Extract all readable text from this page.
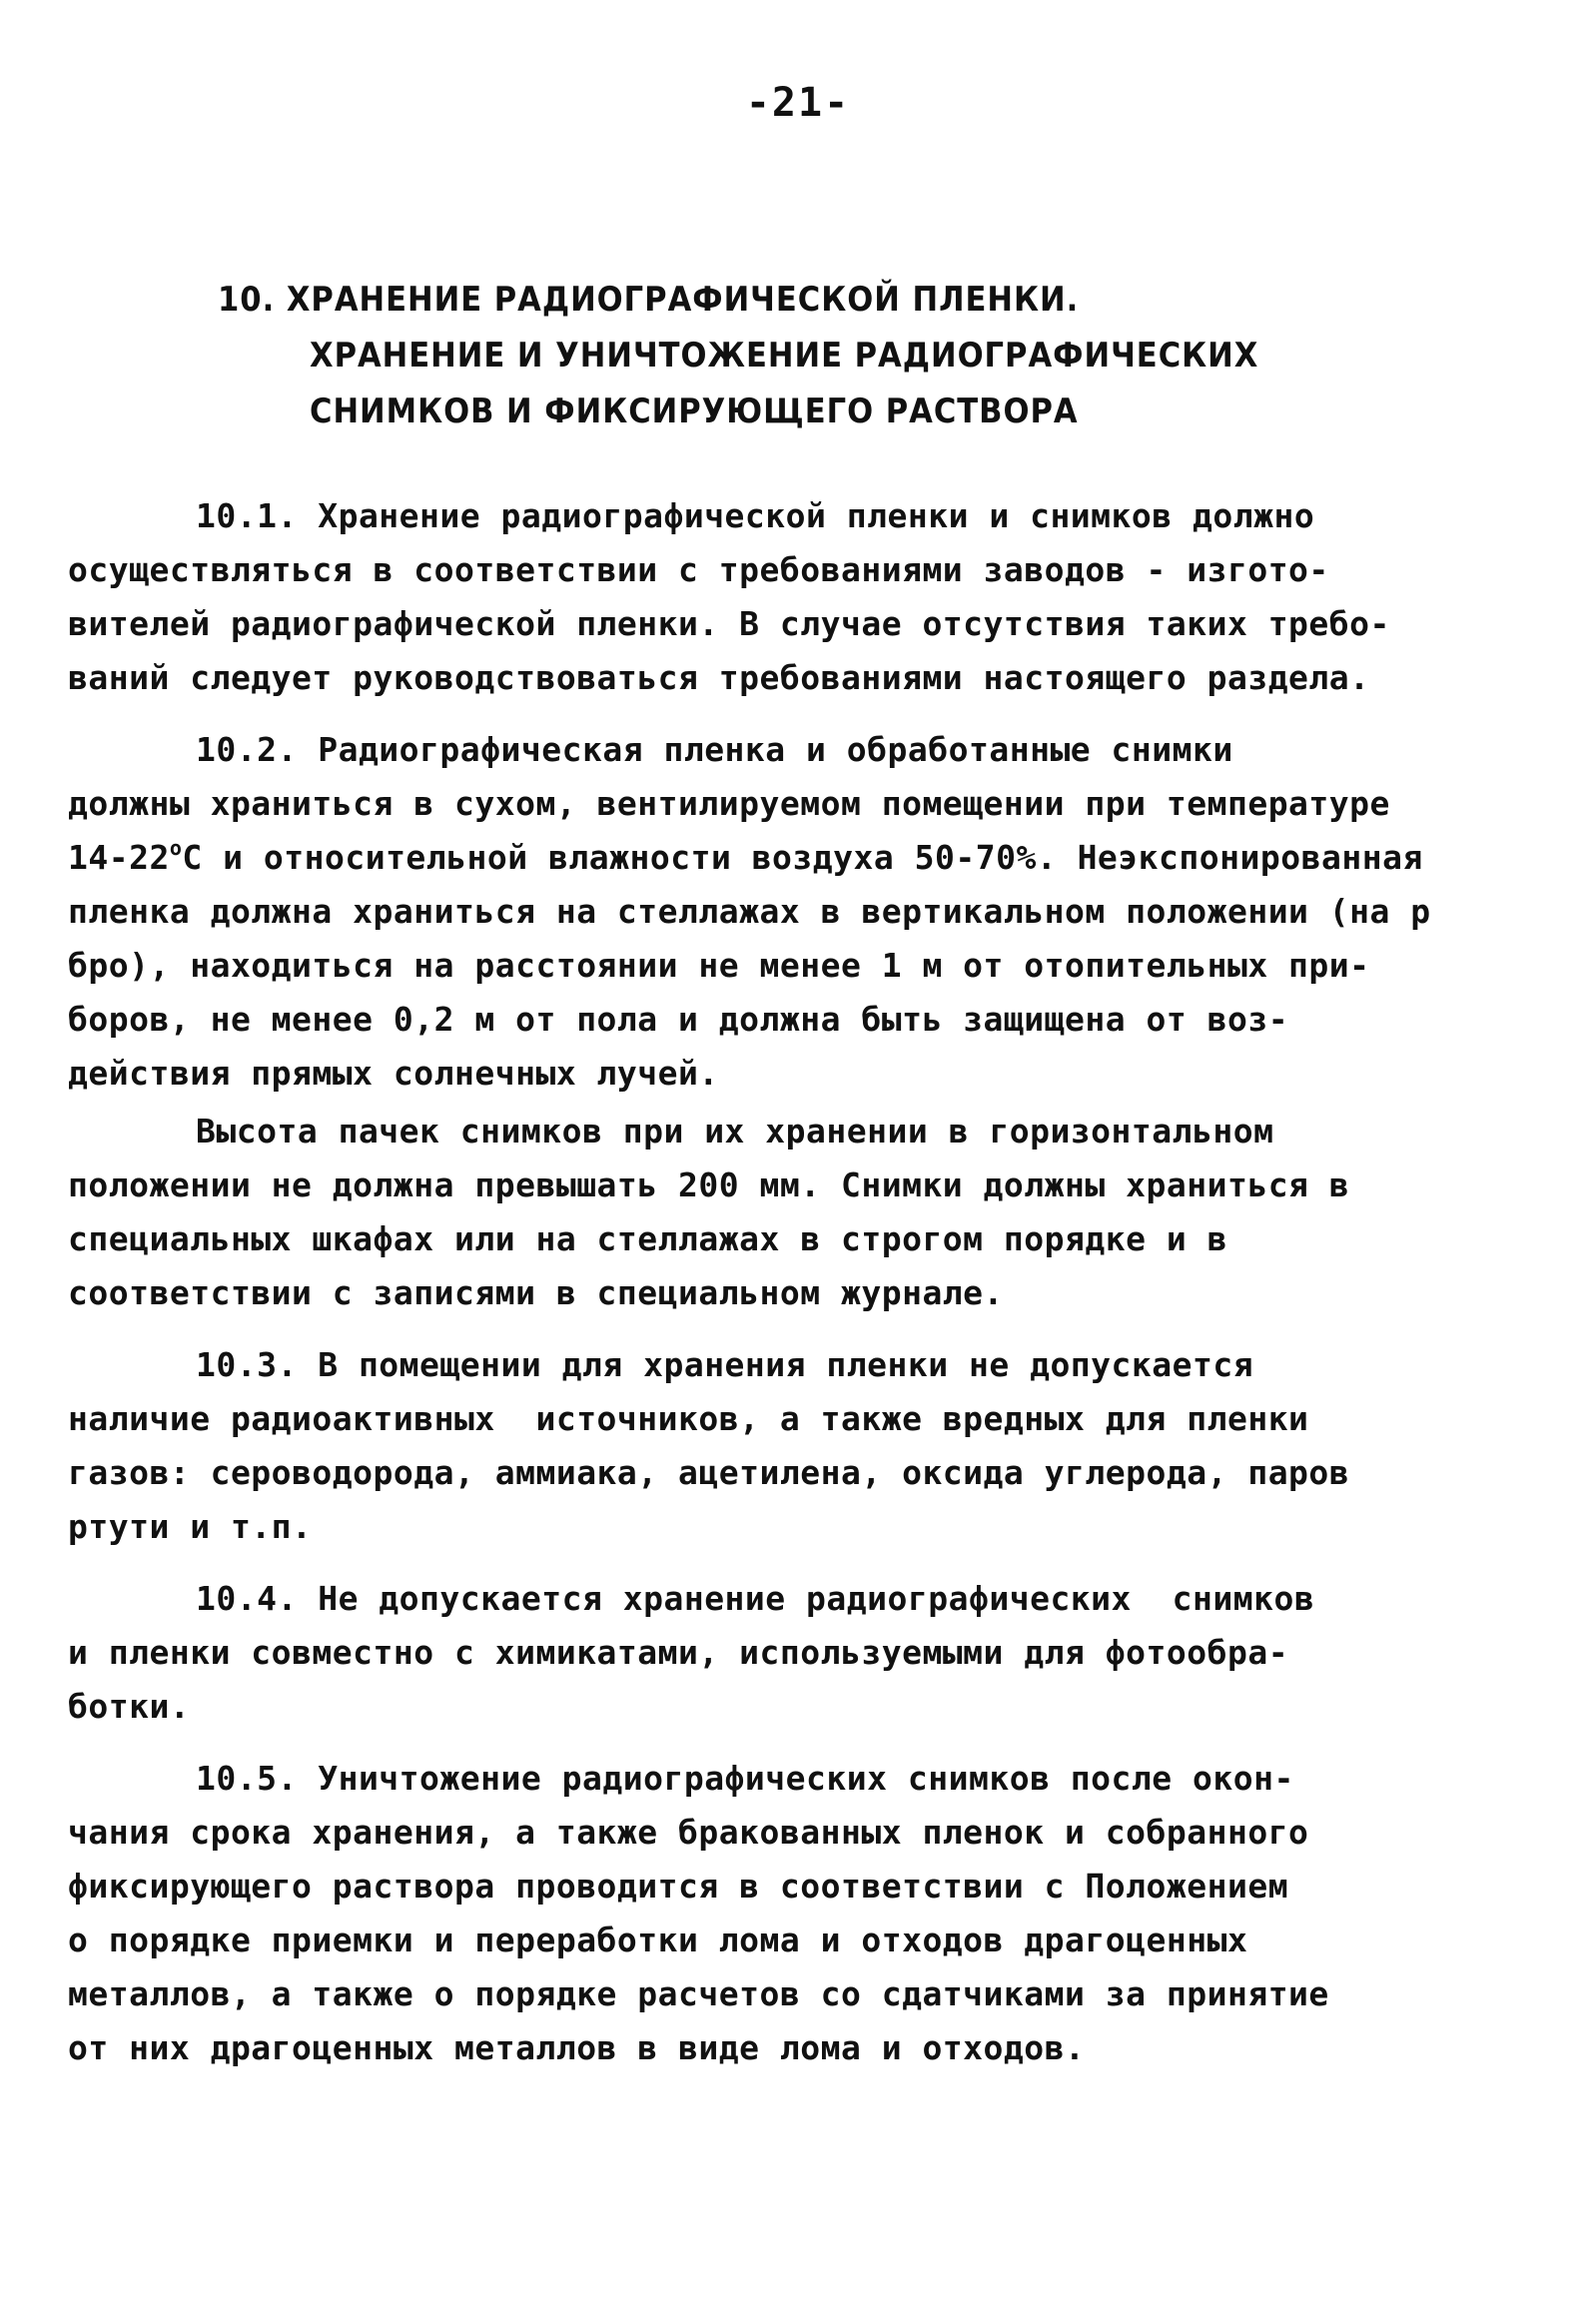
-21-
10. ХРАНЕНИЕ РАДИОГРАФИЧЕСКОЙ ПЛЕНКИ.
ХРАНЕНИЕ И УНИЧТОЖЕНИЕ РАДИОГРАФИЧЕСКИХ
СНИМКОВ И ФИКСИРУЮЩЕГО РАСТВОРА
10.1. Хранение радиографической пленки и снимков должно
осуществляться в соответствии с требованиями заводов - изгото-
вителей радиографической пленки. В случае отсутствия таких требо-
ваний следует руководствоваться требованиями настоящего раздела.
10.2. Радиографическая пленка и обработанные снимки
должны храниться в сухом, вентилируемом помещении при температуре
14-22$^o$С и относительной влажности воздуха 50-70%. Неэкспонированная
пленка должна храниться на стеллажах в вертикальном положении (на р
бро), находиться на расстоянии не менее 1 м от отопительных при-
боров, не менее 0,2 м от пола и должна быть защищена от воз-
действия прямых солнечных лучей.
Высота пачек снимков при их хранении в горизонтальном
положении не должна превышать 200 мм. Снимки должны храниться в
специальных шкафах или на стеллажах в строгом порядке и в
соответствии с записями в специальном журнале.
10.3. В помещении для хранения пленки не допускается
наличие радиоактивных  источников, а также вредных для пленки
газов: сероводорода, аммиака, ацетилена, оксида углерода, паров
ртути и т.п.
10.4. Не допускается хранение радиографических  снимков
и пленки совместно с химикатами, используемыми для фотообра-
ботки.
10.5. Уничтожение радиографических снимков после окон-
чания срока хранения, а также бракованных пленок и собранного
фиксирующего раствора проводится в соответствии с Положением
о порядке приемки и переработки лома и отходов драгоценных
металлов, а также о порядке расчетов со сдатчиками за принятие
от них драгоценных металлов в виде лома и отходов.
